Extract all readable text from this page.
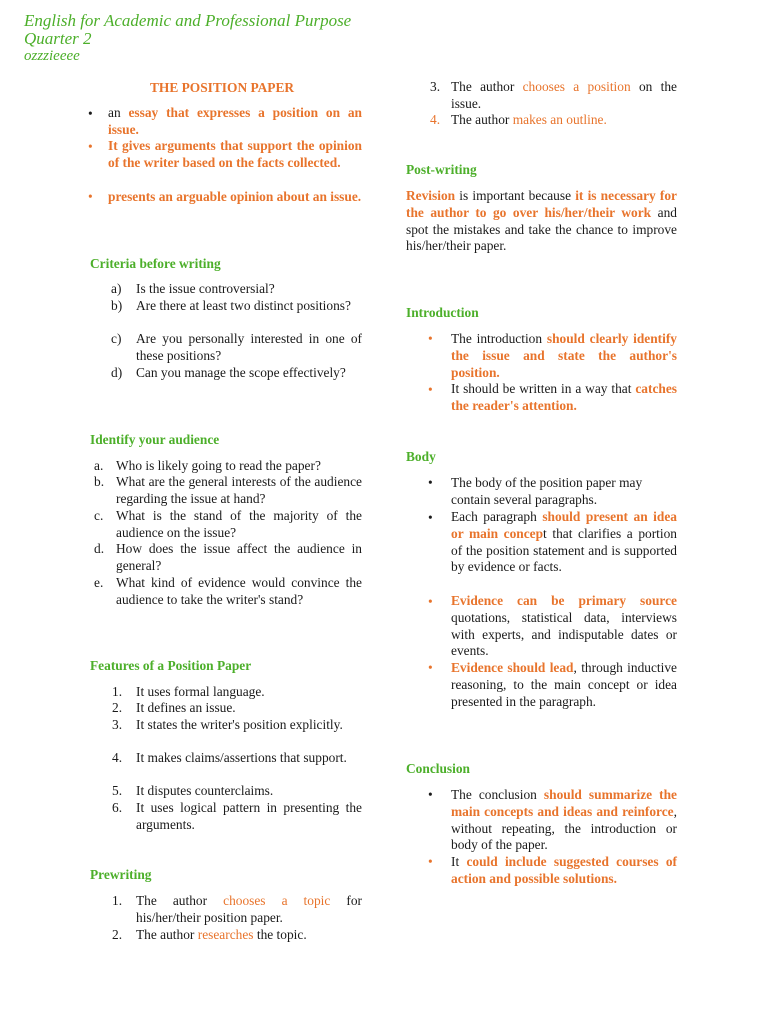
English for Academic and Professional Purpose
Quarter 2
ozzzieeee
THE POSITION PAPER
• an essay that expresses a position on an issue.
• It gives arguments that support the opinion of the writer based on the facts collected.
• presents an arguable opinion about an issue.
Criteria before writing
a) Is the issue controversial?
b) Are there at least two distinct positions?
c) Are you personally interested in one of these positions?
d) Can you manage the scope effectively?
Identify your audience
a. Who is likely going to read the paper?
b. What are the general interests of the audience regarding the issue at hand?
c. What is the stand of the majority of the audience on the issue?
d. How does the issue affect the audience in general?
e. What kind of evidence would convince the audience to take the writer's stand?
Features of a Position Paper
1. It uses formal language.
2. It defines an issue.
3. It states the writer's position explicitly.
4. It makes claims/assertions that support.
5. It disputes counterclaims.
6. It uses logical pattern in presenting the arguments.
Prewriting
1. The author chooses a topic for his/her/their position paper.
2. The author researches the topic.
3. The author chooses a position on the issue.
4. The author makes an outline.
Post-writing
Revision is important because it is necessary for the author to go over his/her/their work and spot the mistakes and take the chance to improve his/her/their paper.
Introduction
• The introduction should clearly identify the issue and state the author's position.
• It should be written in a way that catches the reader's attention.
Body
• The body of the position paper may contain several paragraphs.
• Each paragraph should present an idea or main concept that clarifies a portion of the position statement and is supported by evidence or facts.
• Evidence can be primary source quotations, statistical data, interviews with experts, and indisputable dates or events.
• Evidence should lead, through inductive reasoning, to the main concept or idea presented in the paragraph.
Conclusion
• The conclusion should summarize the main concepts and ideas and reinforce, without repeating, the introduction or body of the paper.
• It could include suggested courses of action and possible solutions.
